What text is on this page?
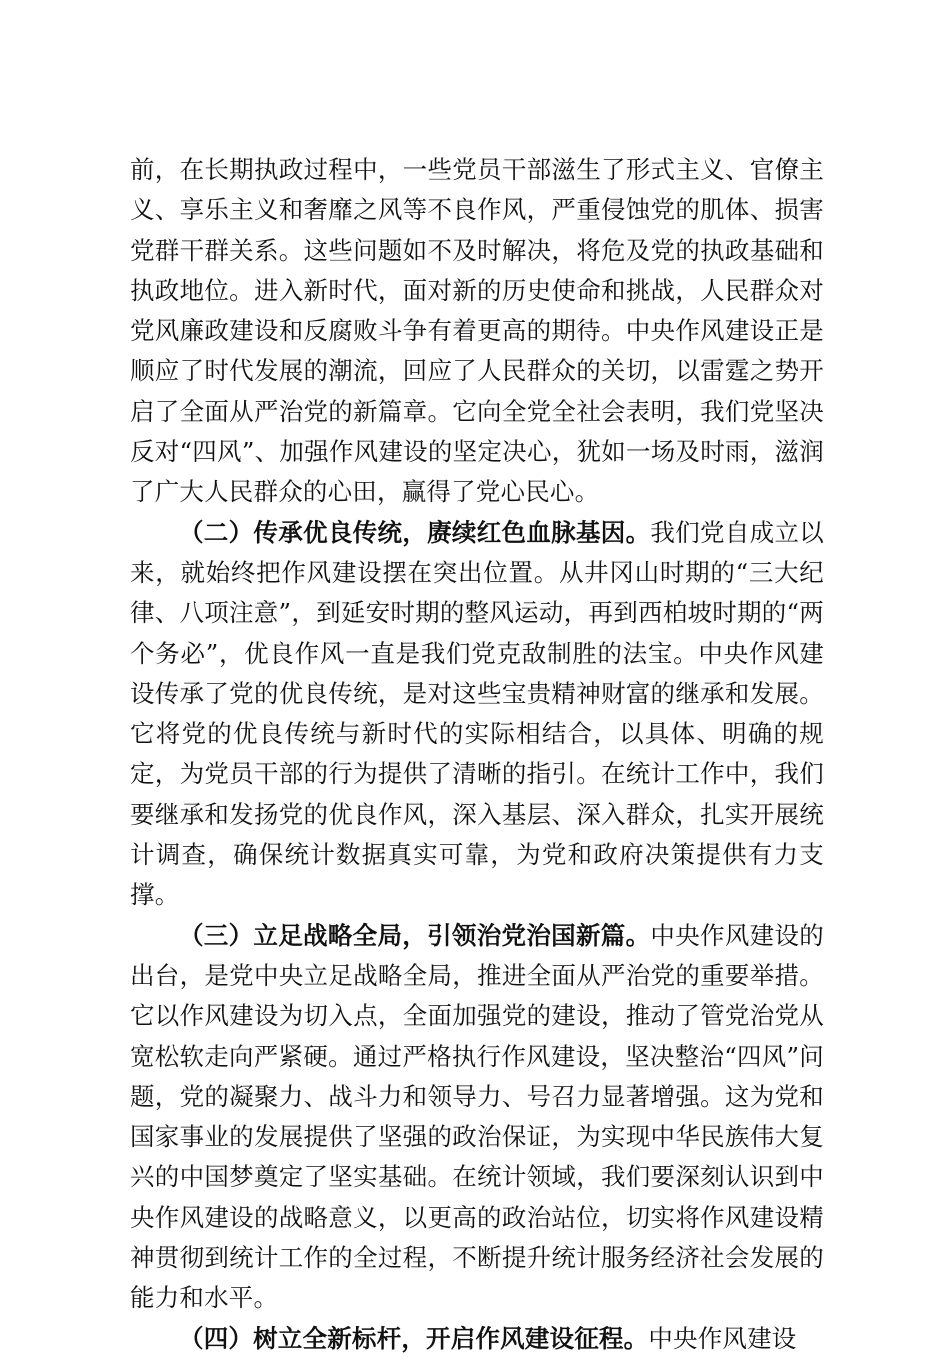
前，在长期执政过程中，一些党员干部滋生了形式主义、官僚主义、享乐主义和奢靡之风等不良作风，严重侵蚀党的肌体、损害党群干群关系。这些问题如不及时解决，将危及党的执政基础和执政地位。进入新时代，面对新的历史使命和挑战，人民群众对党风廉政建设和反腐败斗争有着更高的期待。中央作风建设正是顺应了时代发展的潮流，回应了人民群众的关切，以雷霆之势开启了全面从严治党的新篇章。它向全党全社会表明，我们党坚决反对“四风”、加强作风建设的坚定决心，犹如一场及时雨，滋润了广大人民群众的心田，赢得了党心民心。

（二）传承优良传统，赓续红色血脉基因。我们党自成立以来，就始终把作风建设摆在突出位置。从井冈山时期的“三大纪律、八项注意”，到延安时期的整风运动，再到西柏坡时期的“两个务必”，优良作风一直是我们党克敌制胜的法宝。中央作风建设传承了党的优良传统，是对这些宝贵精神财富的继承和发展。它将党的优良传统与新时代的实际相结合，以具体、明确的规定，为党员干部的行为提供了清晰的指引。在统计工作中，我们要继承和发扬党的优良作风，深入基层、深入群众，扎实开展统计调查，确保统计数据真实可靠，为党和政府决策提供有力支撑。

（三）立足战略全局，引领治党治国新篇。中央作风建设的出台，是党中央立足战略全局，推进全面从严治党的重要举措。它以作风建设为切入点，全面加强党的建设，推动了管党治党从宽松软走向严紧硬。通过严格执行作风建设，坚决整治“四风”问题，党的凝聚力、战斗力和领导力、号召力显著增强。这为党和国家事业的发展提供了坚强的政治保证，为实现中华民族伟大复兴的中国梦奠定了坚实基础。在统计领域，我们要深刻认识到中央作风建设的战略意义，以更高的政治站位，切实将作风建设精神贯彻到统计工作的全过程，不断提升统计服务经济社会发展的能力和水平。

（四）树立全新标杆，开启作风建设征程。中央作风建设
